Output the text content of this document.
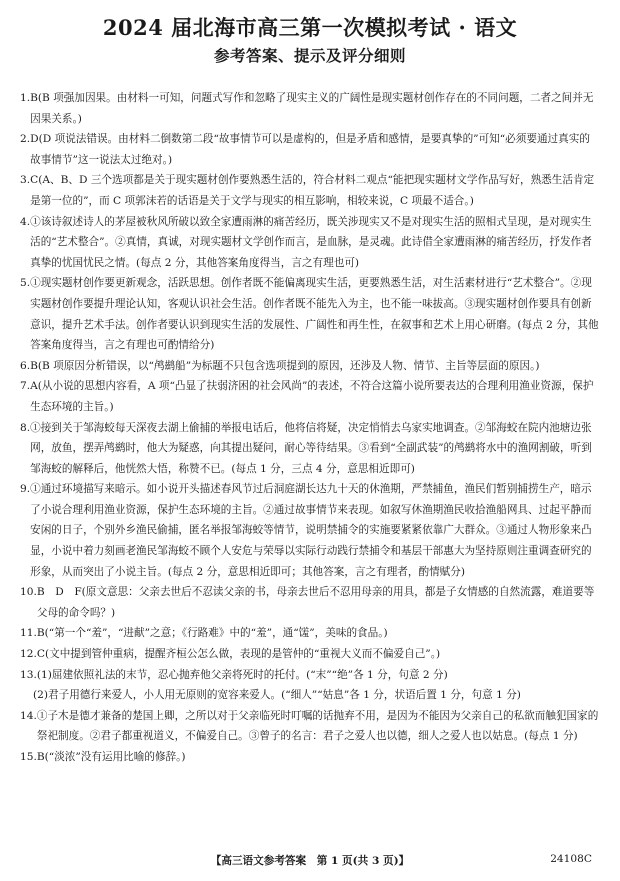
2024 届北海市高三第一次模拟考试 · 语文
参考答案、提示及评分细则
1. B(B 项强加因果。由材料一可知，问题式写作和忽略了现实主义的广阔性是现实题材创作存在的不同问题，二者之间并无因果关系。)
2. D(D 项说法错误。由材料二倒数第二段“故事情节可以是虚构的，但是矛盾和感情，是要真挚的”可知“必须要通过真实的故事情节”这一说法太过绝对。)
3. C(A、B、D 三个选项都是关于现实题材创作要熟悉生活的，符合材料二观点“能把现实题材文学作品写好，熟悉生活肯定是第一位的”，而 C 项郭沫若的话语是关于文学与现实的相互影响，相较来说，C 项最不适合。)
4. ①该诗叙述诗人的茅屋被秋风所破以致全家遭雨淋的痛苦经历，既关涉现实又不是对现实生活的照相式呈现，是对现实生活的“艺术整合”。②真情，真诚，对现实题材文学创作而言，是血脉，是灵魂。此诗借全家遭雨淋的痛苦经历，抒发作者真挚的忧国忧民之情。(每点 2 分，其他答案角度得当，言之有理也可)
5. ①现实题材创作要更新观念，活跃思想。创作者既不能偏离现实生活，更要熟悉生活，对生活素材进行“艺术整合”。②现实题材创作要提升理论认知，客观认识社会生活。创作者既不能先入为主，也不能一味拔高。③现实题材创作要具有创新意识，提升艺术手法。创作者要认识到现实生活的发展性、广阔性和再生性，在叙事和艺术上用心研磨。(每点 2 分，其他答案角度得当，言之有理也可酌情给分)
6. B(B 项原因分析错误，以“鸬鹚船”为标题不只包含选项提到的原因，还涉及人物、情节、主旨等层面的原因。)
7. A(从小说的思想内容看，A 项“凸显了扶弱济困的社会风尚”的表述，不符合这篇小说所要表达的合理利用渔业资源，保护生态环境的主旨。)
8. ①接到关于邹海蛟每天深夜去湖上偷捕的举报电话后，他将信将疑，决定悄悄去乌家实地调查。②邹海蛟在院内池塘边张网，放鱼，摆弄鸬鹚时，他大为疑惑，向其提出疑问，耐心等待结果。③看到“全副武装”的鸬鹚将水中的渔网割破，听到邹海蛟的解释后，他恍然大悟，称赞不已。(每点 1 分，三点 4 分，意思相近即可)
9. ①通过环境描写来暗示。如小说开头描述春风节过后洞庭湖长达九十天的休渔期，严禁捕鱼，渔民们暂别捕捞生产，暗示了小说合理利用渔业资源，保护生态环境的主旨。②通过故事情节来表现。如叙写休渔期渔民收拾渔船网具、过起平静而安闲的日子，个别外乡渔民偷捕，匿名举报邹海蛟等情节，说明禁捕令的实施要紧紧依靠广大群众。③通过人物形象来凸显，小说中着力刻画老渔民邹海蛟不顾个人安危与荣辱以实际行动践行禁捕令和基层干部惠大为坚持原则注重调查研究的形象，从而突出了小说主旨。(每点 2 分，意思相近即可；其他答案，言之有理者，酌情赋分)
10. B　D　F(原文意思：父亲去世后不忍读父亲的书，母亲去世后不忍用母亲的用具，都是子女情感的自然流露，难道要等父母的命令吗？)
11. B(“第一个“羞”，“进献”之意；《行路难》中的“羞”，通“馐”，美味的食品。)
12. C(文中提到管仲重病，提醒齐桓公怎么做，表现的是管仲的“重视大义而不偏爱自己”。)
13. (1)屈建依照礼法的末节，忍心抛弃他父亲将死时的托付。(“末”“绝”各 1 分，句意 2 分)
(2)君子用德行来爱人，小人用无原则的宽容来爱人。(“细人”“姑息”各 1 分，状语后置 1 分，句意 1 分)
14. ①子木是德才兼备的楚国上卿，之所以对于父亲临死时叮嘱的话抛弃不用，是因为不能因为父亲自己的私欲而触犯国家的祭祀制度。②君子都重视道义，不偏爱自己。③曾子的名言：君子之爱人也以德，细人之爱人也以姑息。(每点 1 分)
15. B(“淡浓”没有运用比喻的修辞。)
【高三语文参考答案　第 1 页(共 3 页)】	24108C
